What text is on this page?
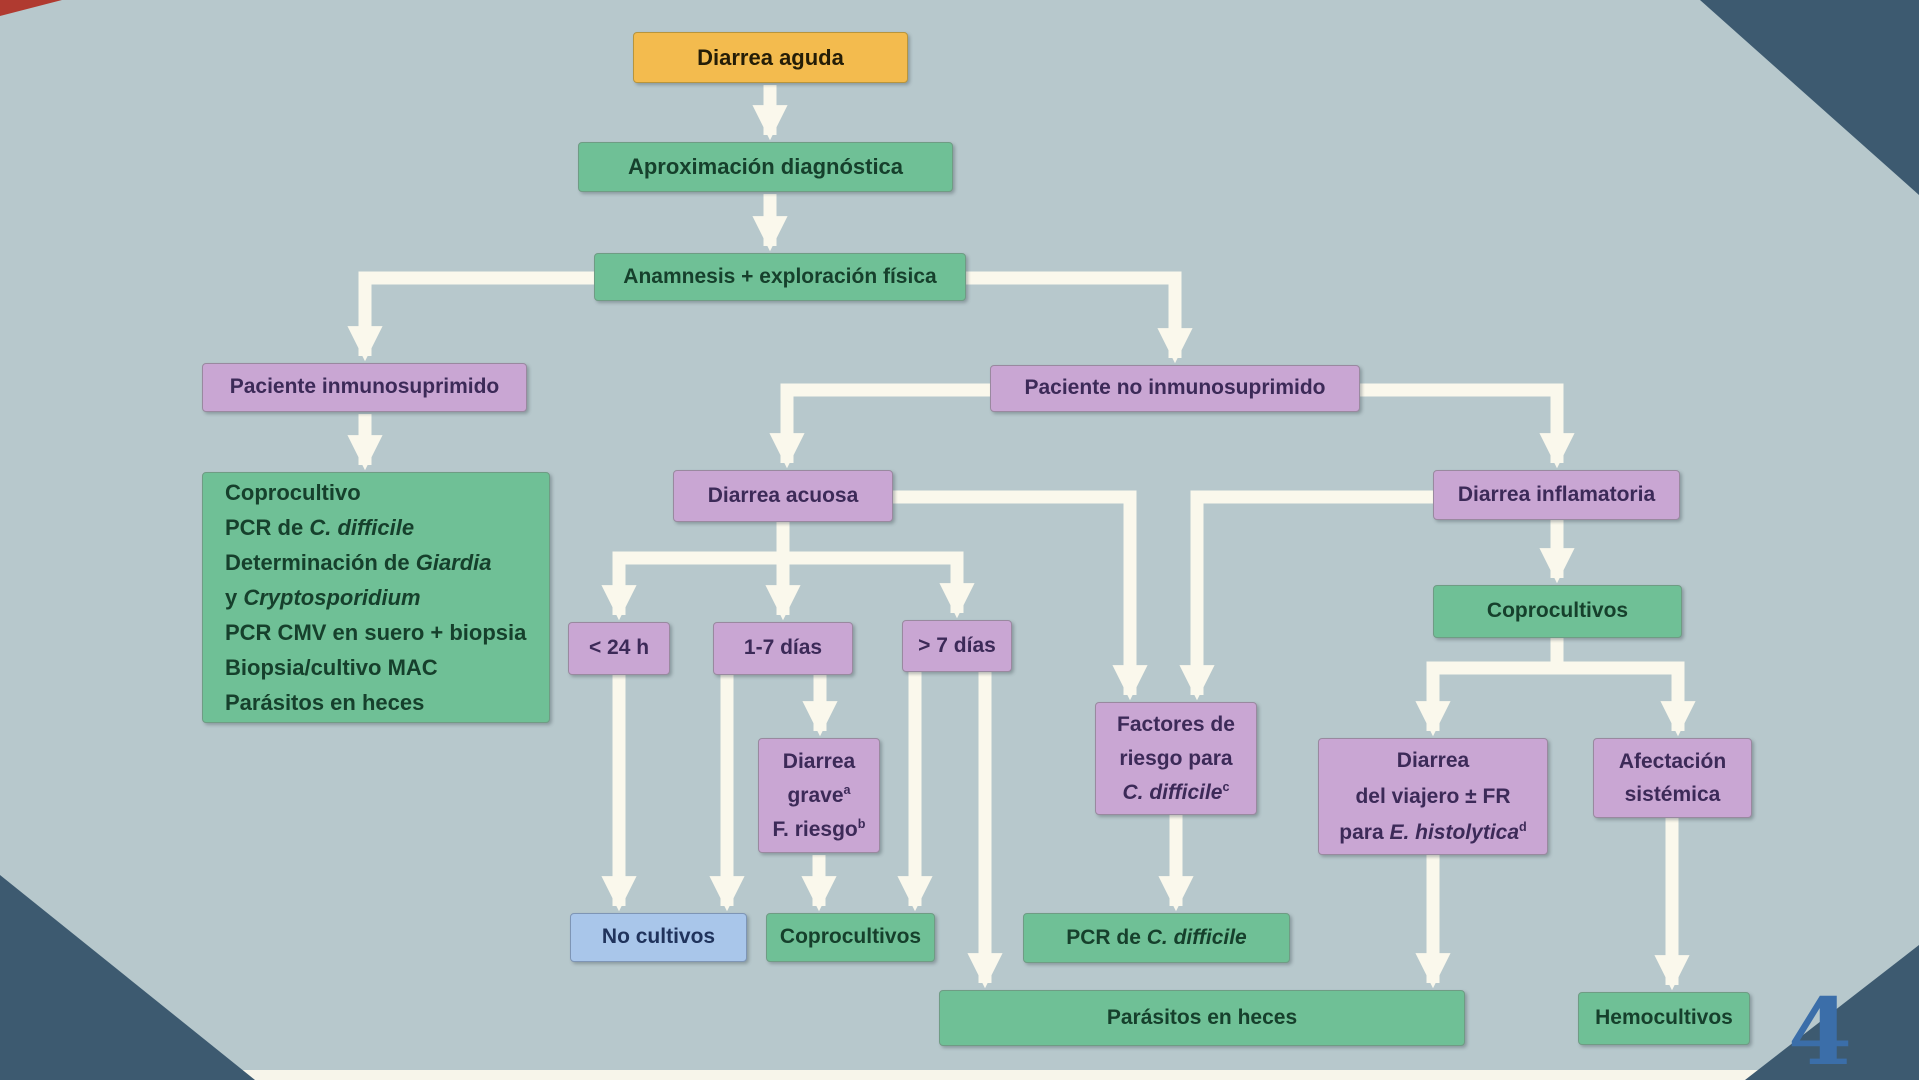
Diarrea aguda
Aproximación diagnóstica
Anamnesis + exploración física
Paciente inmunosuprimido
Coprocultivo
PCR de C. difficile
Determinación de Giardia
y Cryptosporidium
PCR CMV en suero + biopsia
Biopsia/cultivo MAC
Parásitos en heces
Paciente no inmunosuprimido
Diarrea acuosa	Diarrea inflamatoria
< 24 h	1-7 días	> 7 días
Diarrea
grave$^a$
F. riesgo$^b$
Factores de
riesgo para
C. difficile$^c$
No cultivos	Coprocultivos	PCR de C. difficile
Coprocultivos
Diarrea
del viajero ± FR
para E. histolytica$^d$
Afectación
sistémica
Parásitos en heces	Hemocultivos 4
